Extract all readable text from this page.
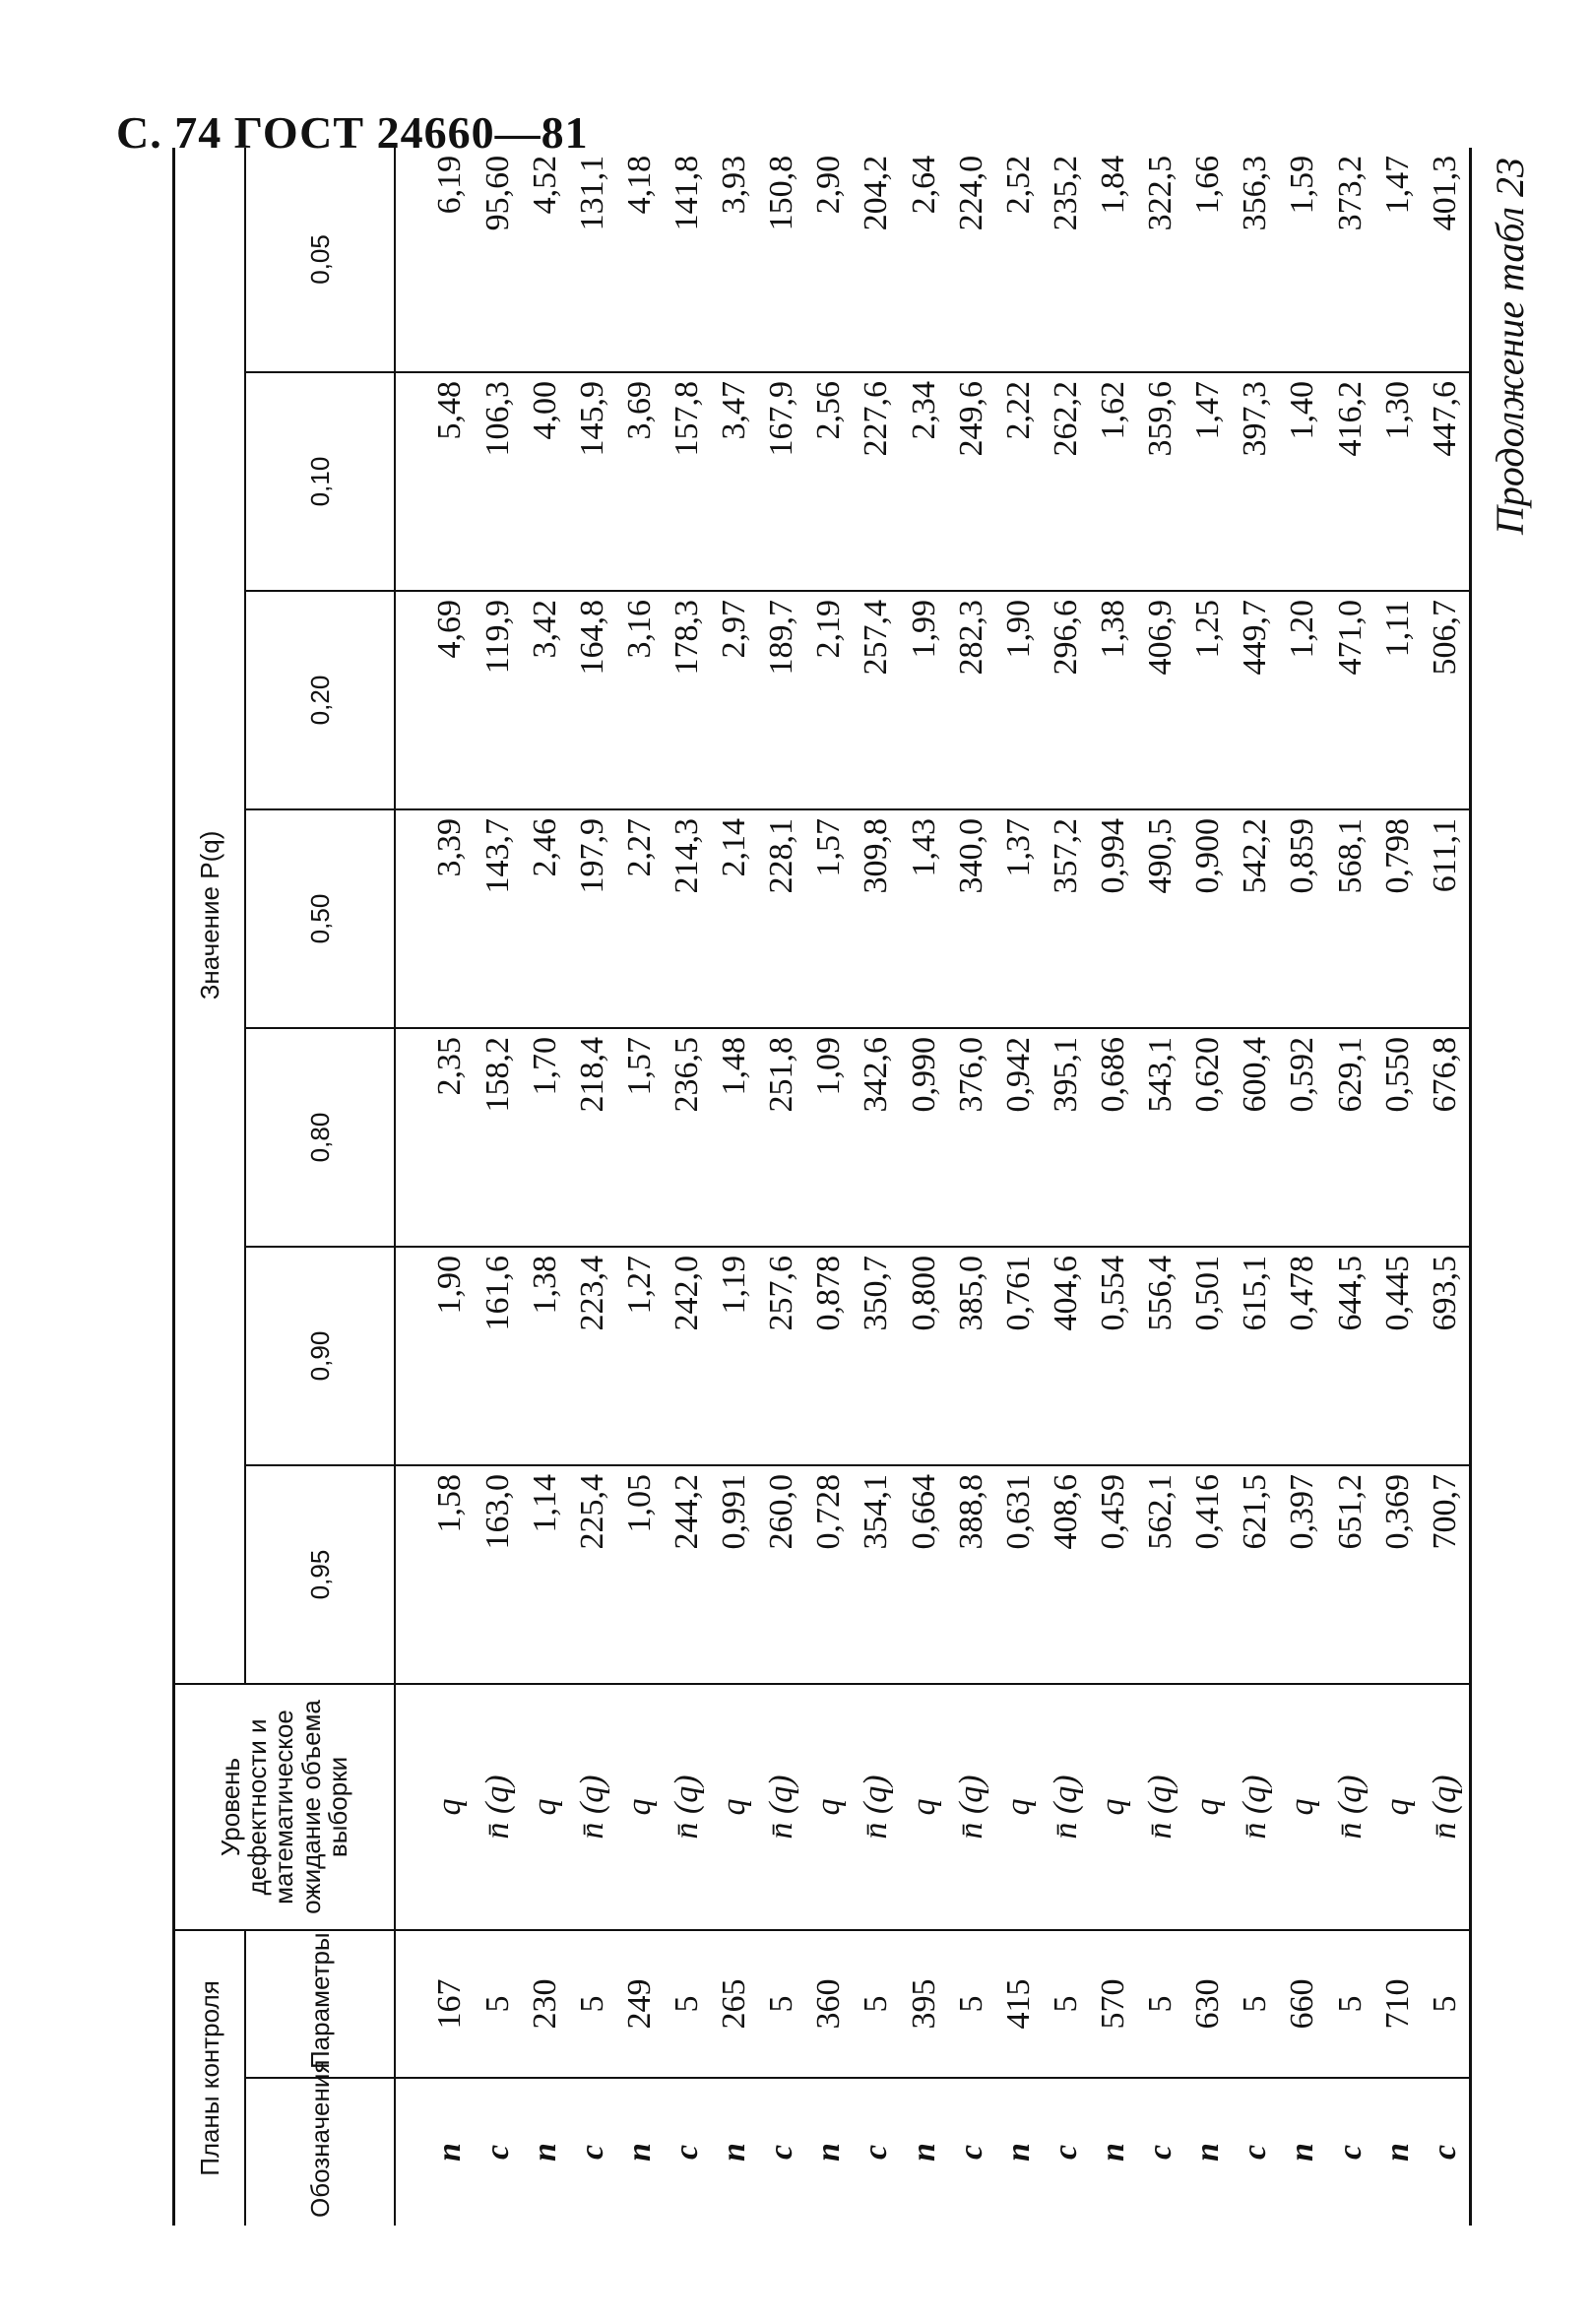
С. 74 ГОСТ 24660—81
Планы контроля		Уровень дефектности и математическое ожидание объема выборки	Значение P(q)						
Обозначения	Параметры		0,95	0,90	0,80	0,50	0,20	0,10	0,05
n	167	q	1,58	1,90	2,35	3,39	4,69	5,48	6,19
c	5	n̄ (q)	163,0	161,6	158,2	143,7	119,9	106,3	95,60
n	230	q	1,14	1,38	1,70	2,46	3,42	4,00	4,52
c	5	n̄ (q)	225,4	223,4	218,4	197,9	164,8	145,9	131,1
n	249	q	1,05	1,27	1,57	2,27	3,16	3,69	4,18
c	5	n̄ (q)	244,2	242,0	236,5	214,3	178,3	157,8	141,8
n	265	q	0,991	1,19	1,48	2,14	2,97	3,47	3,93
c	5	n̄ (q)	260,0	257,6	251,8	228,1	189,7	167,9	150,8
n	360	q	0,728	0,878	1,09	1,57	2,19	2,56	2,90
c	5	n̄ (q)	354,1	350,7	342,6	309,8	257,4	227,6	204,2
n	395	q	0,664	0,800	0,990	1,43	1,99	2,34	2,64
c	5	n̄ (q)	388,8	385,0	376,0	340,0	282,3	249,6	224,0
n	415	q	0,631	0,761	0,942	1,37	1,90	2,22	2,52
c	5	n̄ (q)	408,6	404,6	395,1	357,2	296,6	262,2	235,2
n	570	q	0,459	0,554	0,686	0,994	1,38	1,62	1,84
c	5	n̄ (q)	562,1	556,4	543,1	490,5	406,9	359,6	322,5
n	630	q	0,416	0,501	0,620	0,900	1,25	1,47	1,66
c	5	n̄ (q)	621,5	615,1	600,4	542,2	449,7	397,3	356,3
n	660	q	0,397	0,478	0,592	0,859	1,20	1,40	1,59
c	5	n̄ (q)	651,2	644,5	629,1	568,1	471,0	416,2	373,2
n	710	q	0,369	0,445	0,550	0,798	1,11	1,30	1,47
c	5	n̄ (q)	700,7	693,5	676,8	611,1	506,7	447,6	401,3 Продолжение табл 23
